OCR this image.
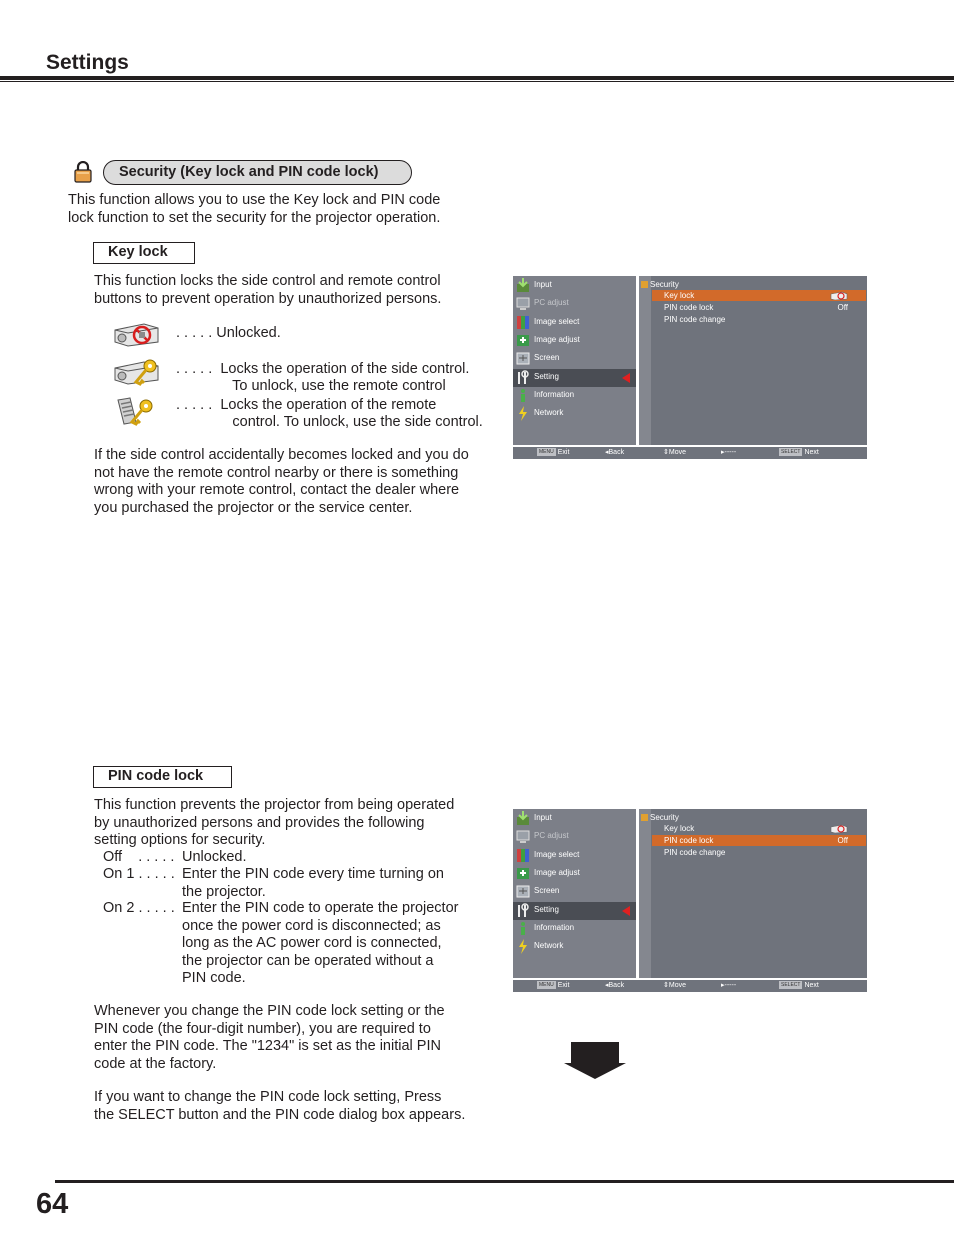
Settings
Security (Key lock and PIN code lock)
This function allows you to use the Key lock and PIN code
lock function to set the security for the projector operation.
Key lock
This function locks the side control and remote control
buttons to prevent operation by unauthorized persons.
. . . . . Unlocked.
. . . . .  Locks the operation of the side control.
To unlock, use the remote control
. . . . .  Locks the operation of the remote
control. To unlock, use the side control.
If the side control accidentally becomes locked and you do
not have the remote control nearby or there is something
wrong with your remote control, contact the dealer where
you purchased the projector or the service center.
Input
PC adjust
Image select
Image adjust
Screen
Setting
Information
Network
Security
Key lock
PIN code lock	Off
PIN code change
MENU Exit	◂Back	⇕Move	▸-----	SELECT Next
PIN code lock
This function prevents the projector from being operated
by unauthorized persons and provides the following
setting options for security.
Off    . . . . . Unlocked.
On 1 . . . . . Enter the PIN code every time turning on
the projector.
On 2 . . . . . Enter the PIN code to operate the projector
once the power cord is disconnected; as
long as the AC power cord is connected,
the projector can be operated without a
PIN code.
Whenever you change the PIN code lock setting or the
PIN code (the four-digit number), you are required to
enter the PIN code. The "1234" is set as the initial PIN
code at the factory.
If you want to change the PIN code lock setting, Press
the SELECT button and the PIN code dialog box appears.
Input
PC adjust
Image select
Image adjust
Screen
Setting
Information
Network
Security
Key lock
PIN code lock	Off
PIN code change
MENU Exit	◂Back	⇕Move	▸-----	SELECT Next
64
